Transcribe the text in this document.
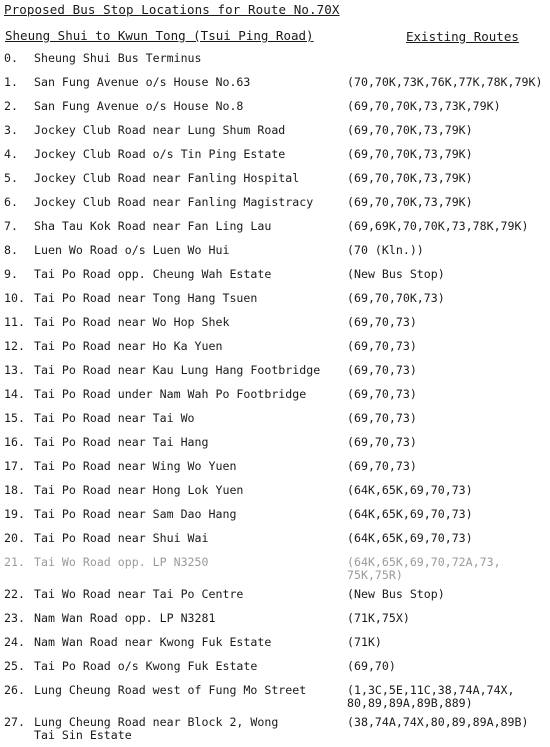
Proposed Bus Stop Locations for Route No.70X
Sheung Shui to Kwun Tong (Tsui Ping Road)	Existing Routes
0. Sheung Shui Bus Terminus
1. San Fung Avenue o/s House No.63	(70,70K,73K,76K,77K,78K,79K)
2. San Fung Avenue o/s House No.8	(69,70,70K,73,73K,79K)
3. Jockey Club Road near Lung Shum Road	(69,70,70K,73,79K)
4. Jockey Club Road o/s Tin Ping Estate	(69,70,70K,73,79K)
5. Jockey Club Road near Fanling Hospital	(69,70,70K,73,79K)
6. Jockey Club Road near Fanling Magistracy	(69,70,70K,73,79K)
7. Sha Tau Kok Road near Fan Ling Lau	(69,69K,70,70K,73,78K,79K)
8. Luen Wo Road o/s Luen Wo Hui	(70 (Kln.))
9. Tai Po Road opp. Cheung Wah Estate	(New Bus Stop)
10. Tai Po Road near Tong Hang Tsuen	(69,70,70K,73)
11. Tai Po Road near Wo Hop Shek	(69,70,73)
12. Tai Po Road near Ho Ka Yuen	(69,70,73)
13. Tai Po Road near Kau Lung Hang Footbridge	(69,70,73)
14. Tai Po Road under Nam Wah Po Footbridge	(69,70,73)
15. Tai Po Road near Tai Wo	(69,70,73)
16. Tai Po Road near Tai Hang	(69,70,73)
17. Tai Po Road near Wing Wo Yuen	(69,70,73)
18. Tai Po Road near Hong Lok Yuen	(64K,65K,69,70,73)
19. Tai Po Road near Sam Dao Hang	(64K,65K,69,70,73)
20. Tai Po Road near Shui Wai	(64K,65K,69,70,73)
21. Tai Wo Road opp. LP N3250	(64K,65K,69,70,72A,73,
75K,75R)
22. Tai Wo Road near Tai Po Centre	(New Bus Stop)
23. Nam Wan Road opp. LP N3281	(71K,75X)
24. Nam Wan Road near Kwong Fuk Estate	(71K)
25. Tai Po Road o/s Kwong Fuk Estate	(69,70)
26. Lung Cheung Road west of Fung Mo Street	(1,3C,5E,11C,38,74A,74X,
80,89,89A,89B,889)
27. Lung Cheung Road near Block 2, Wong
Tai Sin Estate
(38,74A,74X,80,89,89A,89B)
